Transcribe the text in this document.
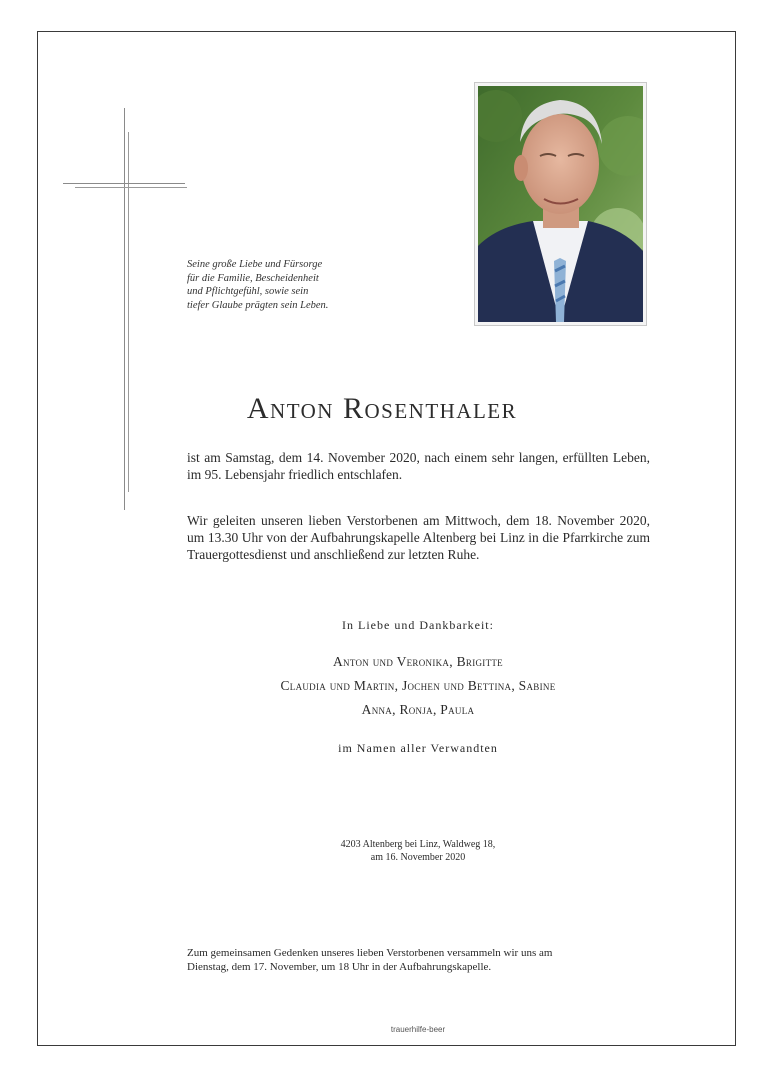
Seine große Liebe und Fürsorge
für die Familie, Bescheidenheit
und Pflichtgefühl, sowie sein
tiefer Glaube prägten sein Leben.
Anton Rosenthaler
ist am Samstag, dem 14. November 2020, nach einem sehr langen, erfüllten Leben, im 95. Lebensjahr friedlich entschlafen.
Wir geleiten unseren lieben Verstorbenen am Mittwoch, dem 18. November 2020, um 13.30 Uhr von der Aufbahrungskapelle Altenberg bei Linz in die Pfarrkirche zum Trauergottesdienst und anschließend zur letzten Ruhe.
In Liebe und Dankbarkeit:
Anton und Veronika, Brigitte
Claudia und Martin, Jochen und Bettina, Sabine
Anna, Ronja, Paula
im Namen aller Verwandten
4203 Altenberg bei Linz, Waldweg 18,
am 16. November 2020
Zum gemeinsamen Gedenken unseres lieben Verstorbenen versammeln wir uns am
Dienstag, dem 17. November, um 18 Uhr in der Aufbahrungskapelle.
trauerhilfe-beer
